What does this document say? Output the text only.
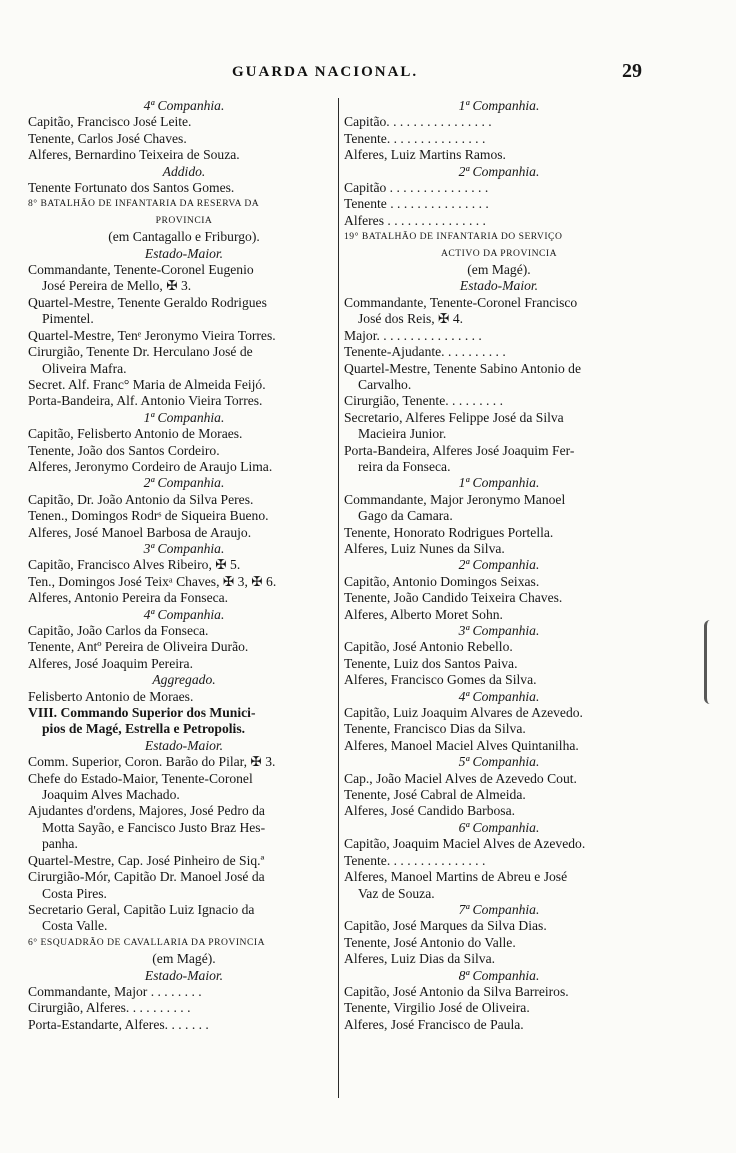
GUARDA NACIONAL.	29
4ª Companhia.
Capitão, Francisco José Leite.
Tenente, Carlos José Chaves.
Alferes, Bernardino Teixeira de Souza.
Addido.
Tenente Fortunato dos Santos Gomes.
8° BATALHÃO DE INFANTARIA DA RESERVA DA
PROVINCIA
(em Cantagallo e Friburgo).
Estado-Maior.
Commandante, Tenente-Coronel Eugenio
José Pereira de Mello, ✠ 3.
Quartel-Mestre, Tenente Geraldo Rodrigues
Pimentel.
Quartel-Mestre, Tenᵉ Jeronymo Vieira Torres.
Cirurgião, Tenente Dr. Herculano José de
Oliveira Mafra.
Secret. Alf. Franc° Maria de Almeida Feijó.
Porta-Bandeira, Alf. Antonio Vieira Torres.
1ª Companhia.
Capitão, Felisberto Antonio de Moraes.
Tenente, João dos Santos Cordeiro.
Alferes, Jeronymo Cordeiro de Araujo Lima.
2ª Companhia.
Capitão, Dr. João Antonio da Silva Peres.
Tenen., Domingos Rodrˢ de Siqueira Bueno.
Alferes, José Manoel Barbosa de Araujo.
3ª Companhia.
Capitão, Francisco Alves Ribeiro, ✠ 5.
Ten., Domingos José Teixᵃ Chaves, ✠ 3, ✠ 6.
Alferes, Antonio Pereira da Fonseca.
4ª Companhia.
Capitão, João Carlos da Fonseca.
Tenente, Antº Pereira de Oliveira Durão.
Alferes, José Joaquim Pereira.
Aggregado.
Felisberto Antonio de Moraes.
VIII. Commando Superior dos Munici-
pios de Magé, Estrella e Petropolis.
Estado-Maior.
Comm. Superior, Coron. Barão do Pilar, ✠ 3.
Chefe do Estado-Maior, Tenente-Coronel
Joaquim Alves Machado.
Ajudantes d'ordens, Majores, José Pedro da
Motta Sayão, e Fancisco Justo Braz Hes-
panha.
Quartel-Mestre, Cap. José Pinheiro de Siq.ª
Cirurgião-Mór, Capitão Dr. Manoel José da
Costa Pires.
Secretario Geral, Capitão Luiz Ignacio da
Costa Valle.
6° ESQUADRÃO DE CAVALLARIA DA PROVINCIA
(em Magé).
Estado-Maior.
Commandante, Major . . . . . . . .
Cirurgião, Alferes. . . . . . . . . .
Porta-Estandarte, Alferes. . . . . . .
1ª Companhia.
Capitão. . . . . . . . . . . . . . . .
Tenente. . . . . . . . . . . . . . .
Alferes, Luiz Martins Ramos.
2ª Companhia.
Capitão . . . . . . . . . . . . . . .
Tenente . . . . . . . . . . . . . . .
Alferes . . . . . . . . . . . . . . .
19° BATALHÃO DE INFANTARIA DO SERVIÇO
ACTIVO DA PROVINCIA
(em Magé).
Estado-Maior.
Commandante, Tenente-Coronel Francisco
José dos Reis, ✠ 4.
Major. . . . . . . . . . . . . . . .
Tenente-Ajudante. . . . . . . . . .
Quartel-Mestre, Tenente Sabino Antonio de
Carvalho.
Cirurgião, Tenente. . . . . . . . .
Secretario, Alferes Felippe José da Silva
Macieira Junior.
Porta-Bandeira, Alferes José Joaquim Fer-
reira da Fonseca.
1ª Companhia.
Commandante, Major Jeronymo Manoel
Gago da Camara.
Tenente, Honorato Rodrigues Portella.
Alferes, Luiz Nunes da Silva.
2ª Companhia.
Capitão, Antonio Domingos Seixas.
Tenente, João Candido Teixeira Chaves.
Alferes, Alberto Moret Sohn.
3ª Companhia.
Capitão, José Antonio Rebello.
Tenente, Luiz dos Santos Paiva.
Alferes, Francisco Gomes da Silva.
4ª Companhia.
Capitão, Luiz Joaquim Alvares de Azevedo.
Tenente, Francisco Dias da Silva.
Alferes, Manoel Maciel Alves Quintanilha.
5ª Companhia.
Cap., João Maciel Alves de Azevedo Cout.
Tenente, José Cabral de Almeida.
Alferes, José Candido Barbosa.
6ª Companhia.
Capitão, Joaquim Maciel Alves de Azevedo.
Tenente. . . . . . . . . . . . . . .
Alferes, Manoel Martins de Abreu e José
Vaz de Souza.
7ª Companhia.
Capitão, José Marques da Silva Dias.
Tenente, José Antonio do Valle.
Alferes, Luiz Dias da Silva.
8ª Companhia.
Capitão, José Antonio da Silva Barreiros.
Tenente, Virgilio José de Oliveira.
Alferes, José Francisco de Paula.
